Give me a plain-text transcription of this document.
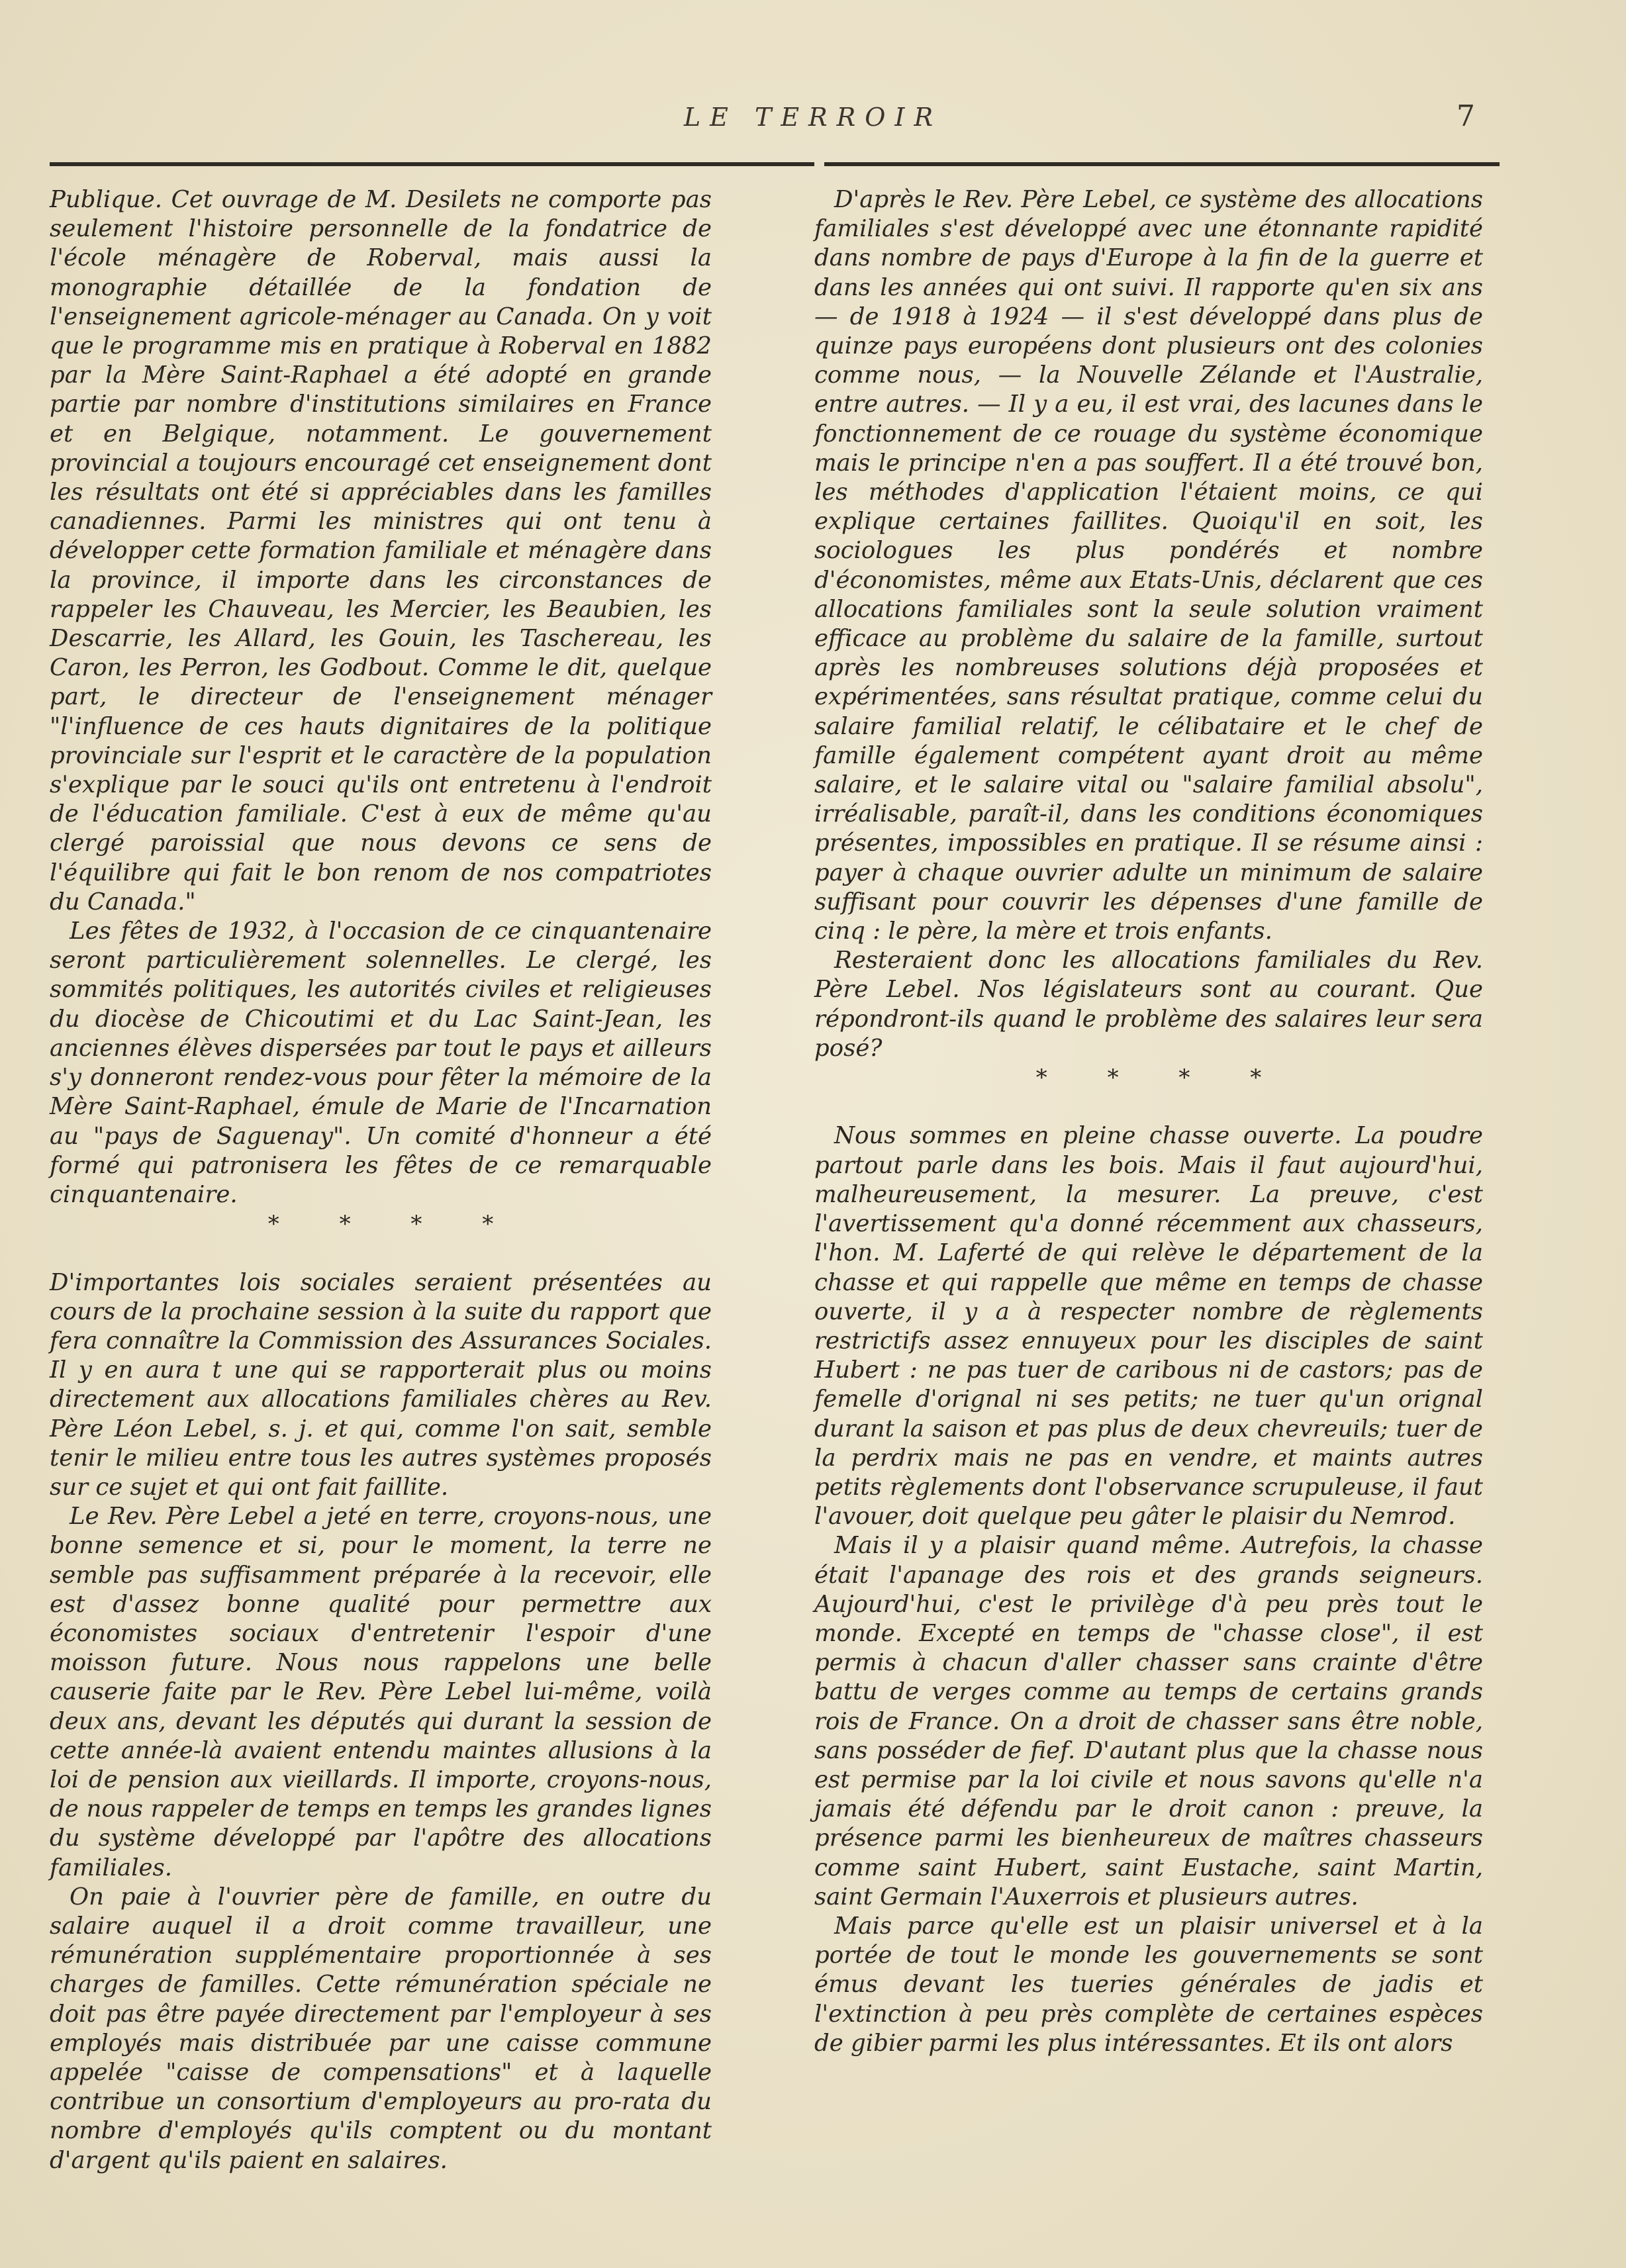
LE TERROIR	7

Publique. Cet ouvrage de M. Desilets ne comporte pas seulement l'histoire personnelle de la fondatrice de l'école ménagère de Roberval, mais aussi la monographie détaillée de la fondation de l'enseignement agricole-ménager au Canada. On y voit que le programme mis en pratique à Roberval en 1882 par la Mère Saint-Raphael a été adopté en grande partie par nombre d'institutions similaires en France et en Belgique, notamment. Le gouvernement provincial a toujours encouragé cet enseignement dont les résultats ont été si appréciables dans les familles canadiennes. Parmi les ministres qui ont tenu à développer cette formation familiale et ménagère dans la province, il importe dans les circonstances de rappeler les Chauveau, les Mercier, les Beaubien, les Descarrie, les Allard, les Gouin, les Taschereau, les Caron, les Perron, les Godbout. Comme le dit, quelque part, le directeur de l'enseignement ménager "l'influence de ces hauts dignitaires de la politique provinciale sur l'esprit et le caractère de la population s'explique par le souci qu'ils ont entretenu à l'endroit de l'éducation familiale. C'est à eux de même qu'au clergé paroissial que nous devons ce sens de l'équilibre qui fait le bon renom de nos compatriotes du Canada."

Les fêtes de 1932, à l'occasion de ce cinquantenaire seront particulièrement solennelles. Le clergé, les sommités politiques, les autorités civiles et religieuses du diocèse de Chicoutimi et du Lac Saint-Jean, les anciennes élèves dispersées par tout le pays et ailleurs s'y donneront rendez-vous pour fêter la mémoire de la Mère Saint-Raphael, émule de Marie de l'Incarnation au "pays de Saguenay". Un comité d'honneur a été formé qui patronisera les fêtes de ce remarquable cinquantenaire.

* * * *

D'importantes lois sociales seraient présentées au cours de la prochaine session à la suite du rapport que fera connaître la Commission des Assurances Sociales. Il y en aura t une qui se rapporterait plus ou moins directement aux allocations familiales chères au Rev. Père Léon Lebel, s. j. et qui, comme l'on sait, semble tenir le milieu entre tous les autres systèmes proposés sur ce sujet et qui ont fait faillite.

Le Rev. Père Lebel a jeté en terre, croyons-nous, une bonne semence et si, pour le moment, la terre ne semble pas suffisamment préparée à la recevoir, elle est d'assez bonne qualité pour permettre aux économistes sociaux d'entretenir l'espoir d'une moisson future. Nous nous rappelons une belle causerie faite par le Rev. Père Lebel lui-même, voilà deux ans, devant les députés qui durant la session de cette année-là avaient entendu maintes allusions à la loi de pension aux vieillards. Il importe, croyons-nous, de nous rappeler de temps en temps les grandes lignes du système développé par l'apôtre des allocations familiales.

On paie à l'ouvrier père de famille, en outre du salaire auquel il a droit comme travailleur, une rémunération supplémentaire proportionnée à ses charges de familles. Cette rémunération spéciale ne doit pas être payée directement par l'employeur à ses employés mais distribuée par une caisse commune appelée "caisse de compensations" et à laquelle contribue un consortium d'employeurs au pro-rata du nombre d'employés qu'ils comptent ou du montant d'argent qu'ils paient en salaires.

D'après le Rev. Père Lebel, ce système des allocations familiales s'est développé avec une étonnante rapidité dans nombre de pays d'Europe à la fin de la guerre et dans les années qui ont suivi. Il rapporte qu'en six ans — de 1918 à 1924 — il s'est développé dans plus de quinze pays européens dont plusieurs ont des colonies comme nous, — la Nouvelle Zélande et l'Australie, entre autres. — Il y a eu, il est vrai, des lacunes dans le fonctionnement de ce rouage du système économique mais le principe n'en a pas souffert. Il a été trouvé bon, les méthodes d'application l'étaient moins, ce qui explique certaines faillites. Quoiqu'il en soit, les sociologues les plus pondérés et nombre d'économistes, même aux Etats-Unis, déclarent que ces allocations familiales sont la seule solution vraiment efficace au problème du salaire de la famille, surtout après les nombreuses solutions déjà proposées et expérimentées, sans résultat pratique, comme celui du salaire familial relatif, le célibataire et le chef de famille également compétent ayant droit au même salaire, et le salaire vital ou "salaire familial absolu", irréalisable, paraît-il, dans les conditions économiques présentes, impossibles en pratique. Il se résume ainsi : payer à chaque ouvrier adulte un minimum de salaire suffisant pour couvrir les dépenses d'une famille de cinq : le père, la mère et trois enfants.

Resteraient donc les allocations familiales du Rev. Père Lebel. Nos législateurs sont au courant. Que répondront-ils quand le problème des salaires leur sera posé?

* * * *

Nous sommes en pleine chasse ouverte. La poudre partout parle dans les bois. Mais il faut aujourd'hui, malheureusement, la mesurer. La preuve, c'est l'avertissement qu'a donné récemment aux chasseurs, l'hon. M. Laferté de qui relève le département de la chasse et qui rappelle que même en temps de chasse ouverte, il y a à respecter nombre de règlements restrictifs assez ennuyeux pour les disciples de saint Hubert : ne pas tuer de caribous ni de castors; pas de femelle d'orignal ni ses petits; ne tuer qu'un orignal durant la saison et pas plus de deux chevreuils; tuer de la perdrix mais ne pas en vendre, et maints autres petits règlements dont l'observance scrupuleuse, il faut l'avouer, doit quelque peu gâter le plaisir du Nemrod.

Mais il y a plaisir quand même. Autrefois, la chasse était l'apanage des rois et des grands seigneurs. Aujourd'hui, c'est le privilège d'à peu près tout le monde. Excepté en temps de "chasse close", il est permis à chacun d'aller chasser sans crainte d'être battu de verges comme au temps de certains grands rois de France. On a droit de chasser sans être noble, sans posséder de fief. D'autant plus que la chasse nous est permise par la loi civile et nous savons qu'elle n'a jamais été défendu par le droit canon : preuve, la présence parmi les bienheureux de maîtres chasseurs comme saint Hubert, saint Eustache, saint Martin, saint Germain l'Auxerrois et plusieurs autres.

Mais parce qu'elle est un plaisir universel et à la portée de tout le monde les gouvernements se sont émus devant les tueries générales de jadis et l'extinction à peu près complète de certaines espèces de gibier parmi les plus intéressantes. Et ils ont alors
